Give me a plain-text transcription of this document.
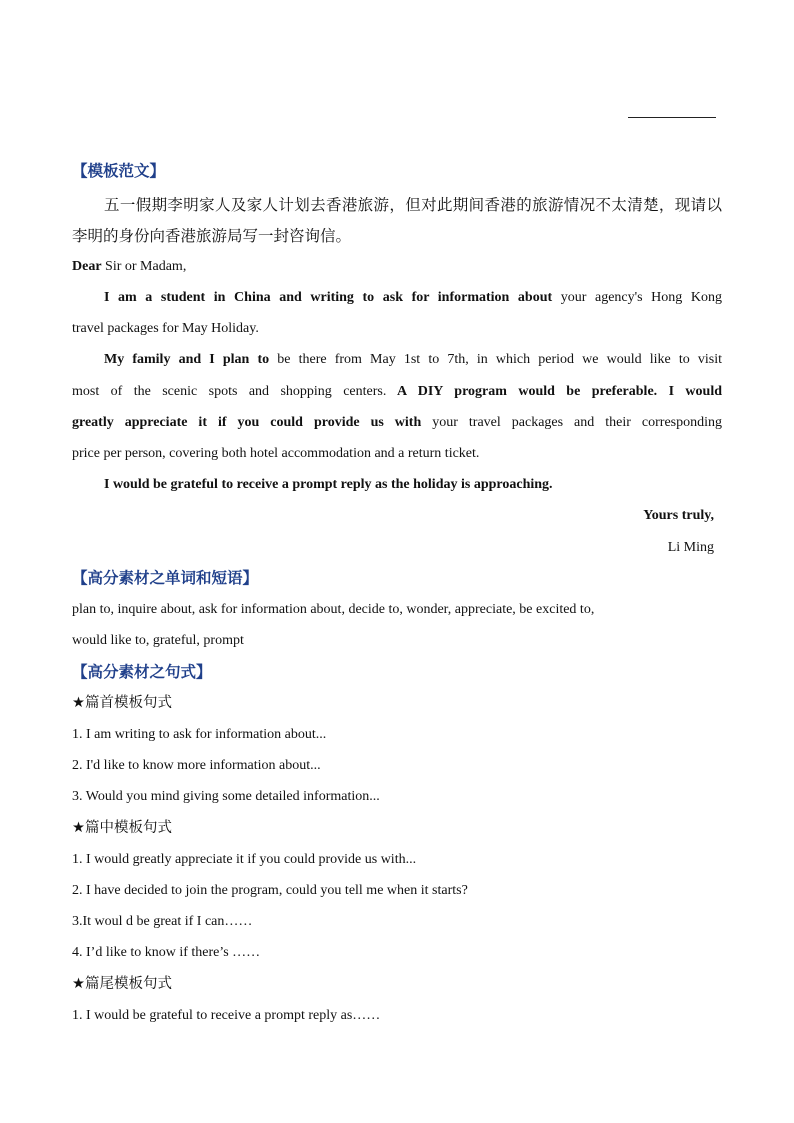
【模板范文】
五一假期李明家人及家人计划去香港旅游，但对此期间香港的旅游情况不太清楚，现请以
李明的身份向香港旅游局写一封咨询信。
Dear Sir or Madam,
I am a student in China and writing to ask for information about your agency's Hong Kong
travel packages for May Holiday.
My family and I plan to be there from May 1st to 7th, in which period we would like to visit
most of the scenic spots and shopping centers. A DIY program would be preferable. I would
greatly appreciate it if you could provide us with your travel packages and their corresponding
price per person, covering both hotel accommodation and a return ticket.
I would be grateful to receive a prompt reply as the holiday is approaching.
Yours truly,
Li Ming
【高分素材之单词和短语】
plan to, inquire about, ask for information about, decide to, wonder, appreciate, be excited to,
would like to, grateful, prompt
【高分素材之句式】
★篇首模板句式
1. I am writing to ask for information about...
2. I'd like to know more information about...
3. Would you mind giving some detailed information...
★篇中模板句式
1. I would greatly appreciate it if you could provide us with...
2. I have decided to join the program, could you tell me when it starts?
3.It woul d be great if I can……
4. I’d like to know if there’s ……
★篇尾模板句式
1. I would be grateful to receive a prompt reply as……
